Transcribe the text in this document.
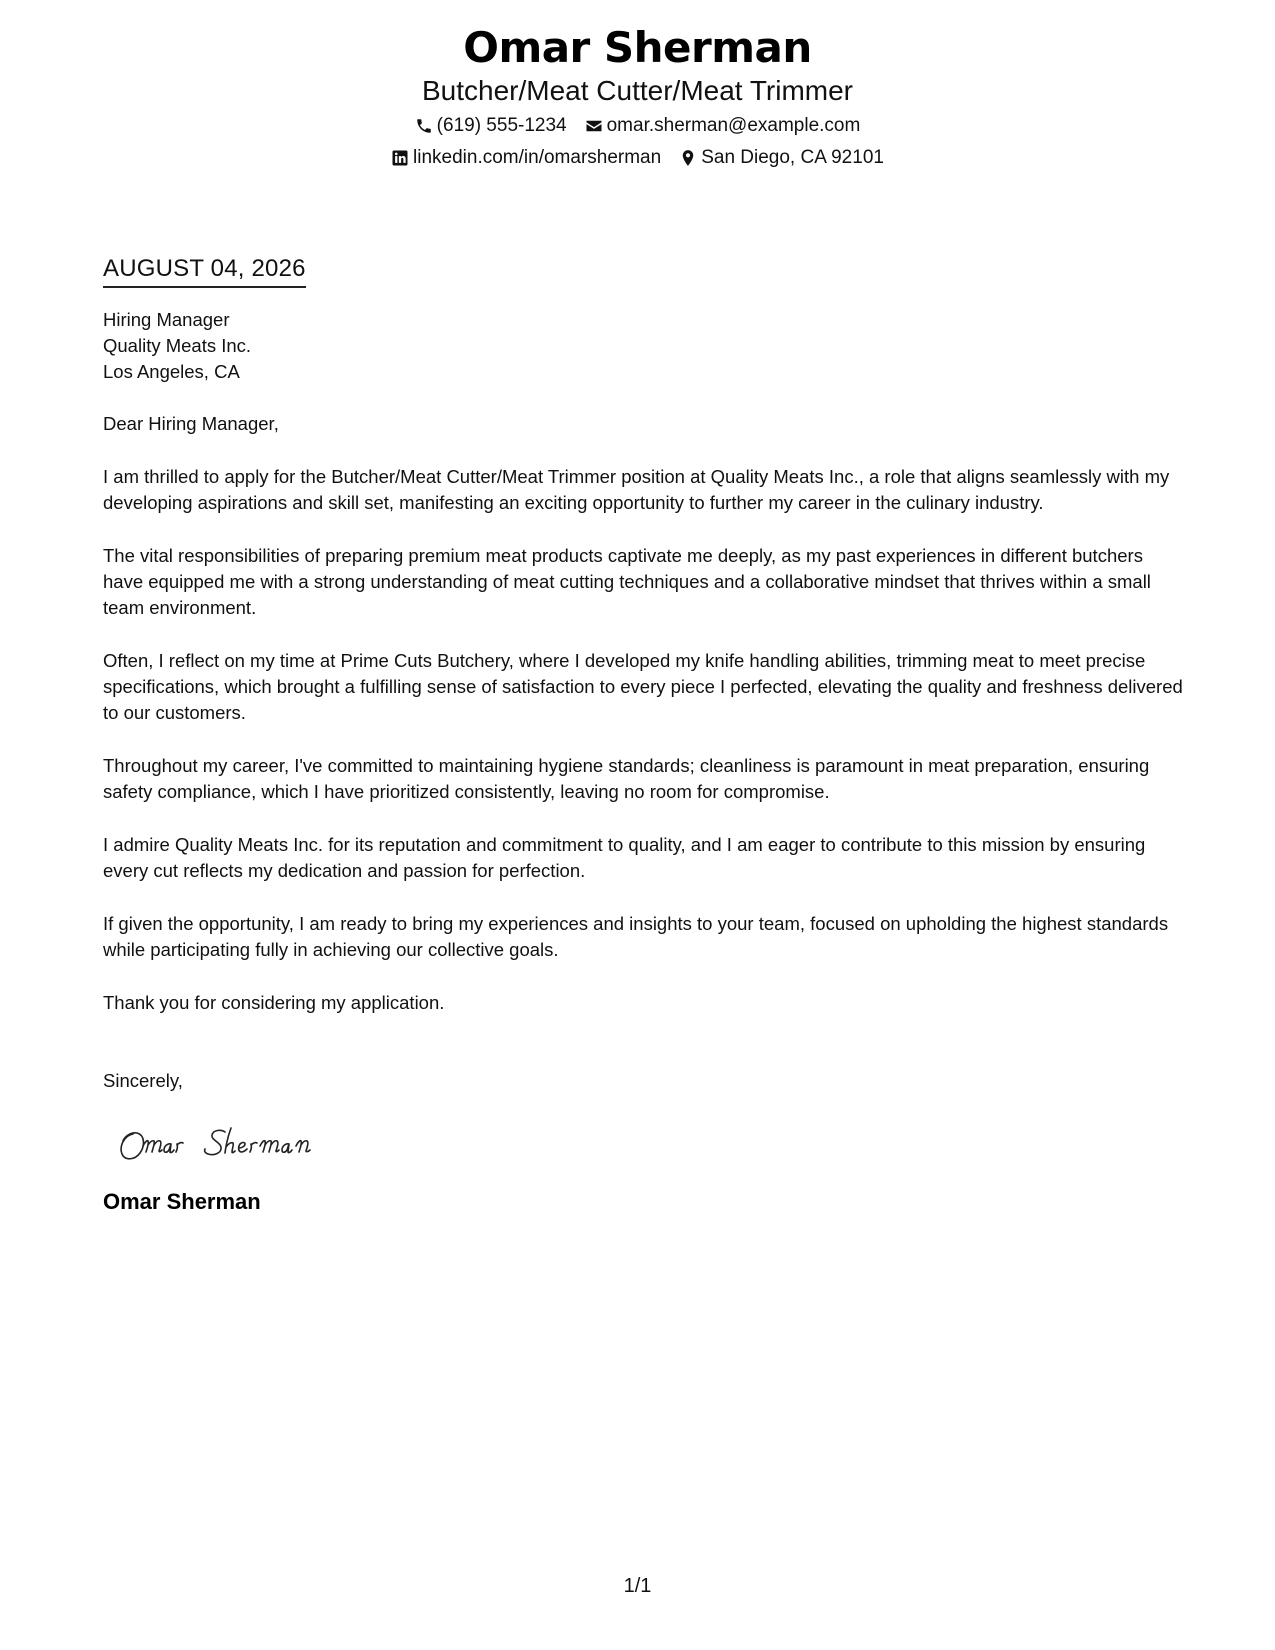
Omar Sherman
Butcher/Meat Cutter/Meat Trimmer
(619) 555-1234 omar.sherman@example.com
linkedin.com/in/omarsherman San Diego, CA 92101
AUGUST 04, 2026
Hiring Manager
Quality Meats Inc.
Los Angeles, CA
Dear Hiring Manager,
I am thrilled to apply for the Butcher/Meat Cutter/Meat Trimmer position at Quality Meats Inc., a role that aligns seamlessly with my developing aspirations and skill set, manifesting an exciting opportunity to further my career in the culinary industry.
The vital responsibilities of preparing premium meat products captivate me deeply, as my past experiences in different butchers have equipped me with a strong understanding of meat cutting techniques and a collaborative mindset that thrives within a small team environment.
Often, I reflect on my time at Prime Cuts Butchery, where I developed my knife handling abilities, trimming meat to meet precise specifications, which brought a fulfilling sense of satisfaction to every piece I perfected, elevating the quality and freshness delivered to our customers.
Throughout my career, I've committed to maintaining hygiene standards; cleanliness is paramount in meat preparation, ensuring safety compliance, which I have prioritized consistently, leaving no room for compromise.
I admire Quality Meats Inc. for its reputation and commitment to quality, and I am eager to contribute to this mission by ensuring every cut reflects my dedication and passion for perfection.
If given the opportunity, I am ready to bring my experiences and insights to your team, focused on upholding the highest standards while participating fully in achieving our collective goals.
Thank you for considering my application.
Sincerely,
Omar Sherman
1/1
